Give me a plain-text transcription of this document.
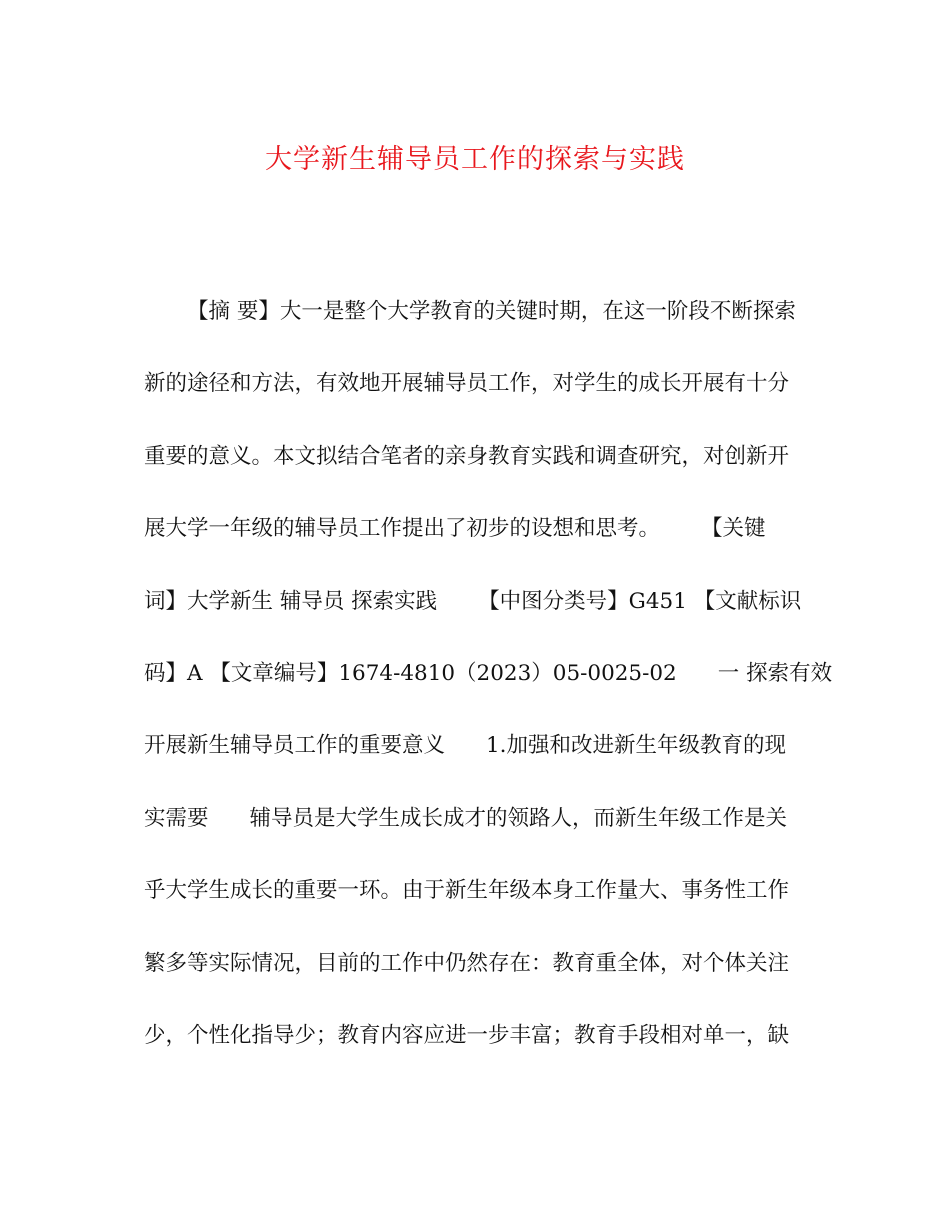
大学新生辅导员工作的探索与实践
【摘 要】大一是整个大学教育的关键时期，在这一阶段不断探索
新的途径和方法，有效地开展辅导员工作，对学生的成长开展有十分
重要的意义。本文拟结合笔者的亲身教育实践和调查研究，对创新开
展大学一年级的辅导员工作提出了初步的设想和思考。      【关键
词】大学新生 辅导员 探索实践      【中图分类号】G451 【文献标识
码】A 【文章编号】1674-4810（2023）05-0025-02      一 探索有效
开展新生辅导员工作的重要意义      1.加强和改进新生年级教育的现
实需要      辅导员是大学生成长成才的领路人，而新生年级工作是关
乎大学生成长的重要一环。由于新生年级本身工作量大、事务性工作
繁多等实际情况，目前的工作中仍然存在：教育重全体，对个体关注
少，个性化指导少；教育内容应进一步丰富；教育手段相对单一，缺
